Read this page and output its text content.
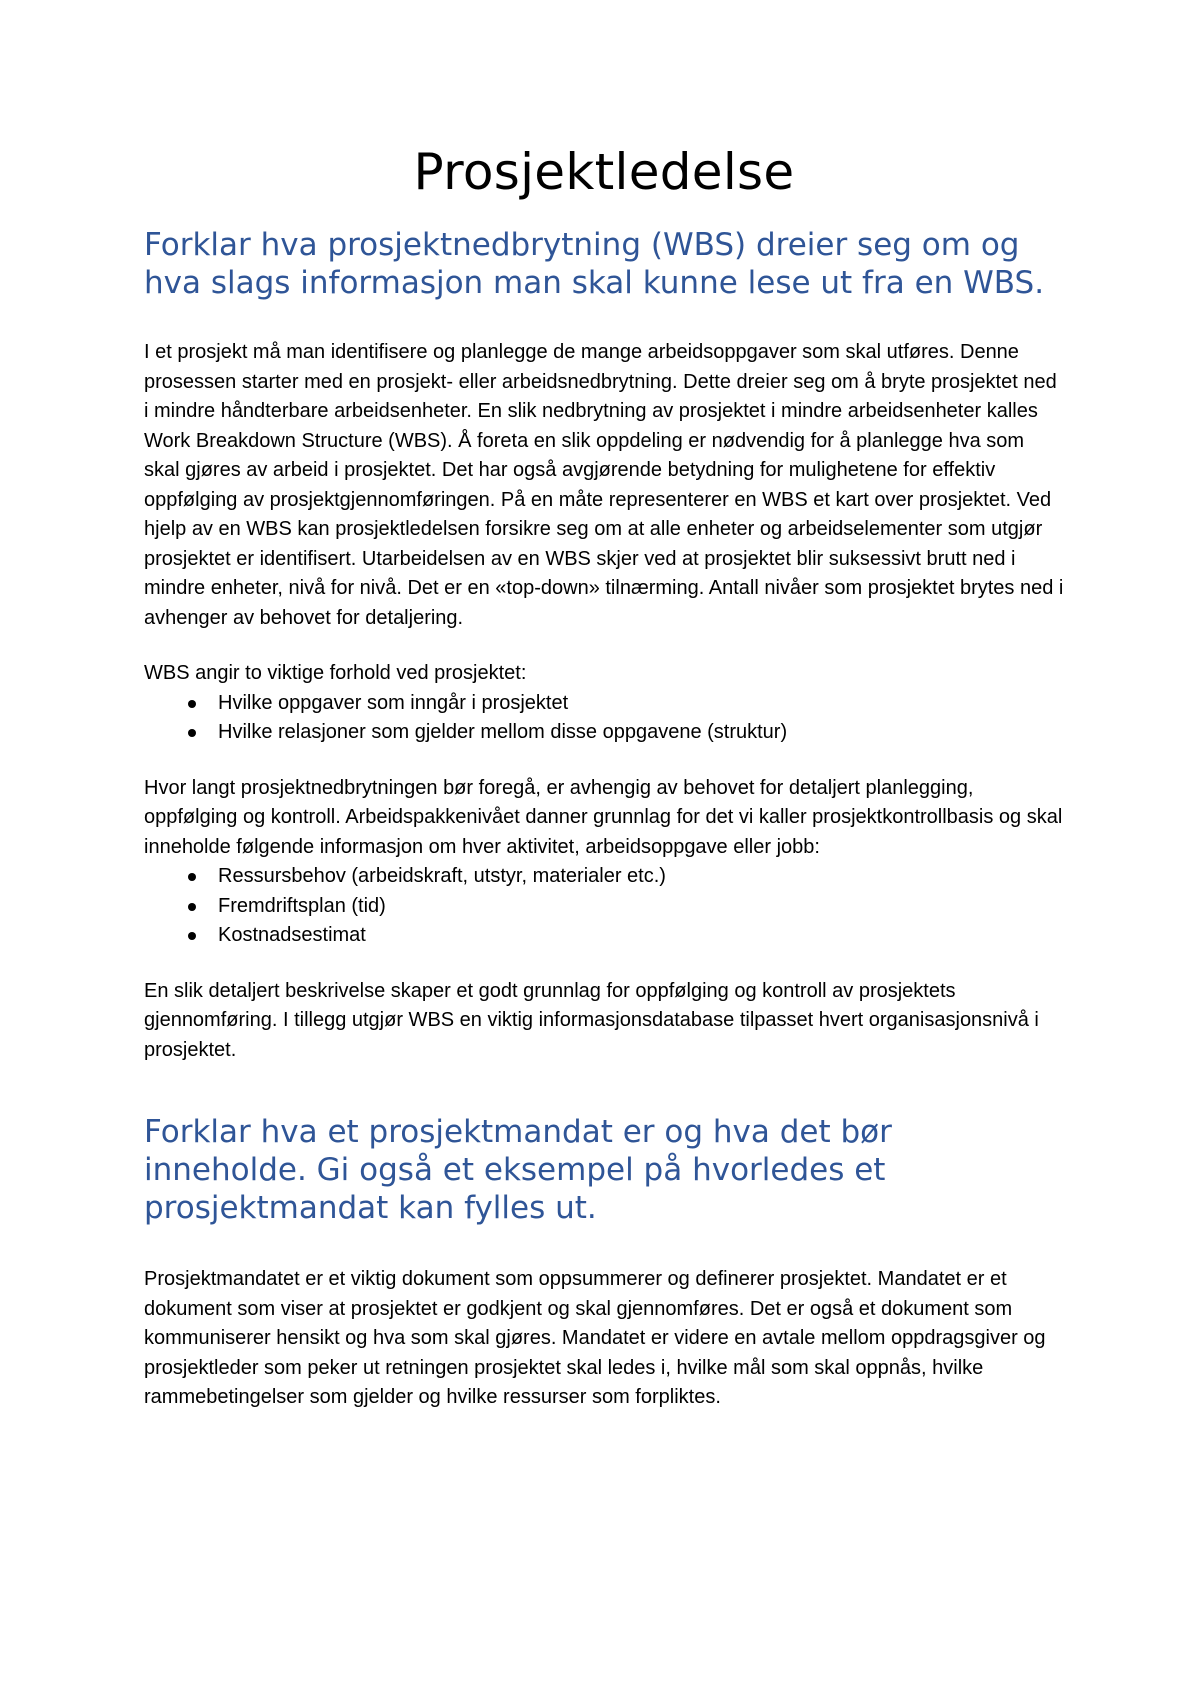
Prosjektledelse
Forklar hva prosjektnedbrytning (WBS) dreier seg om og hva slags informasjon man skal kunne lese ut fra en WBS.

I et prosjekt må man identifisere og planlegge de mange arbeidsoppgaver som skal utføres. Denne prosessen starter med en prosjekt- eller arbeidsnedbrytning. Dette dreier seg om å bryte prosjektet ned i mindre håndterbare arbeidsenheter. En slik nedbrytning av prosjektet i mindre arbeidsenheter kalles Work Breakdown Structure (WBS). Å foreta en slik oppdeling er nødvendig for å planlegge hva som skal gjøres av arbeid i prosjektet. Det har også avgjørende betydning for mulighetene for effektiv oppfølging av prosjektgjennomføringen. På en måte representerer en WBS et kart over prosjektet. Ved hjelp av en WBS kan prosjektledelsen forsikre seg om at alle enheter og arbeidselementer som utgjør prosjektet er identifisert. Utarbeidelsen av en WBS skjer ved at prosjektet blir suksessivt brutt ned i mindre enheter, nivå for nivå. Det er en «top-down» tilnærming. Antall nivåer som prosjektet brytes ned i avhenger av behovet for detaljering.

WBS angir to viktige forhold ved prosjektet:

Hvilke oppgaver som inngår i prosjektet
Hvilke relasjoner som gjelder mellom disse oppgavene (struktur)

Hvor langt prosjektnedbrytningen bør foregå, er avhengig av behovet for detaljert planlegging, oppfølging og kontroll. Arbeidspakkenivået danner grunnlag for det vi kaller prosjektkontrollbasis og skal inneholde følgende informasjon om hver aktivitet, arbeidsoppgave eller jobb:

Ressursbehov (arbeidskraft, utstyr, materialer etc.)
Fremdriftsplan (tid)
Kostnadsestimat

En slik detaljert beskrivelse skaper et godt grunnlag for oppfølging og kontroll av prosjektets gjennomføring. I tillegg utgjør WBS en viktig informasjonsdatabase tilpasset hvert organisasjonsnivå i prosjektet.

Forklar hva et prosjektmandat er og hva det bør inneholde. Gi også et eksempel på hvorledes et prosjektmandat kan fylles ut.

Prosjektmandatet er et viktig dokument som oppsummerer og definerer prosjektet. Mandatet er et dokument som viser at prosjektet er godkjent og skal gjennomføres. Det er også et dokument som kommuniserer hensikt og hva som skal gjøres. Mandatet er videre en avtale mellom oppdragsgiver og prosjektleder som peker ut retningen prosjektet skal ledes i, hvilke mål som skal oppnås, hvilke rammebetingelser som gjelder og hvilke ressurser som forpliktes.
